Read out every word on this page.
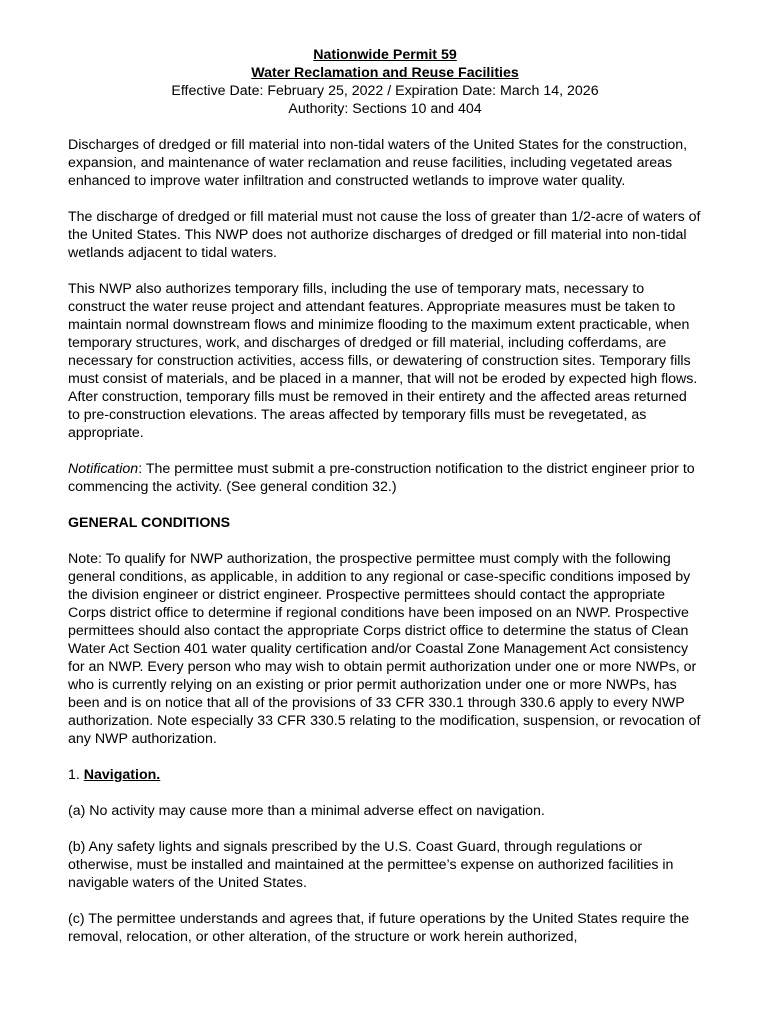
Nationwide Permit 59
Water Reclamation and Reuse Facilities
Effective Date: February 25, 2022 / Expiration Date: March 14, 2026
Authority: Sections 10 and 404

Discharges of dredged or fill material into non-tidal waters of the United States for the construction, expansion, and maintenance of water reclamation and reuse facilities, including vegetated areas enhanced to improve water infiltration and constructed wetlands to improve water quality.

The discharge of dredged or fill material must not cause the loss of greater than 1/2-acre of waters of the United States. This NWP does not authorize discharges of dredged or fill material into non-tidal wetlands adjacent to tidal waters.

This NWP also authorizes temporary fills, including the use of temporary mats, necessary to construct the water reuse project and attendant features. Appropriate measures must be taken to maintain normal downstream flows and minimize flooding to the maximum extent practicable, when temporary structures, work, and discharges of dredged or fill material, including cofferdams, are necessary for construction activities, access fills, or dewatering of construction sites. Temporary fills must consist of materials, and be placed in a manner, that will not be eroded by expected high flows. After construction, temporary fills must be removed in their entirety and the affected areas returned to pre-construction elevations. The areas affected by temporary fills must be revegetated, as appropriate.

Notification: The permittee must submit a pre-construction notification to the district engineer prior to commencing the activity. (See general condition 32.)

GENERAL CONDITIONS

Note: To qualify for NWP authorization, the prospective permittee must comply with the following general conditions, as applicable, in addition to any regional or case-specific conditions imposed by the division engineer or district engineer. Prospective permittees should contact the appropriate Corps district office to determine if regional conditions have been imposed on an NWP. Prospective permittees should also contact the appropriate Corps district office to determine the status of Clean Water Act Section 401 water quality certification and/or Coastal Zone Management Act consistency for an NWP. Every person who may wish to obtain permit authorization under one or more NWPs, or who is currently relying on an existing or prior permit authorization under one or more NWPs, has been and is on notice that all of the provisions of 33 CFR 330.1 through 330.6 apply to every NWP authorization. Note especially 33 CFR 330.5 relating to the modification, suspension, or revocation of any NWP authorization.

1. Navigation.

(a) No activity may cause more than a minimal adverse effect on navigation.

(b) Any safety lights and signals prescribed by the U.S. Coast Guard, through regulations or otherwise, must be installed and maintained at the permittee’s expense on authorized facilities in navigable waters of the United States.

(c) The permittee understands and agrees that, if future operations by the United States require the removal, relocation, or other alteration, of the structure or work herein authorized,
